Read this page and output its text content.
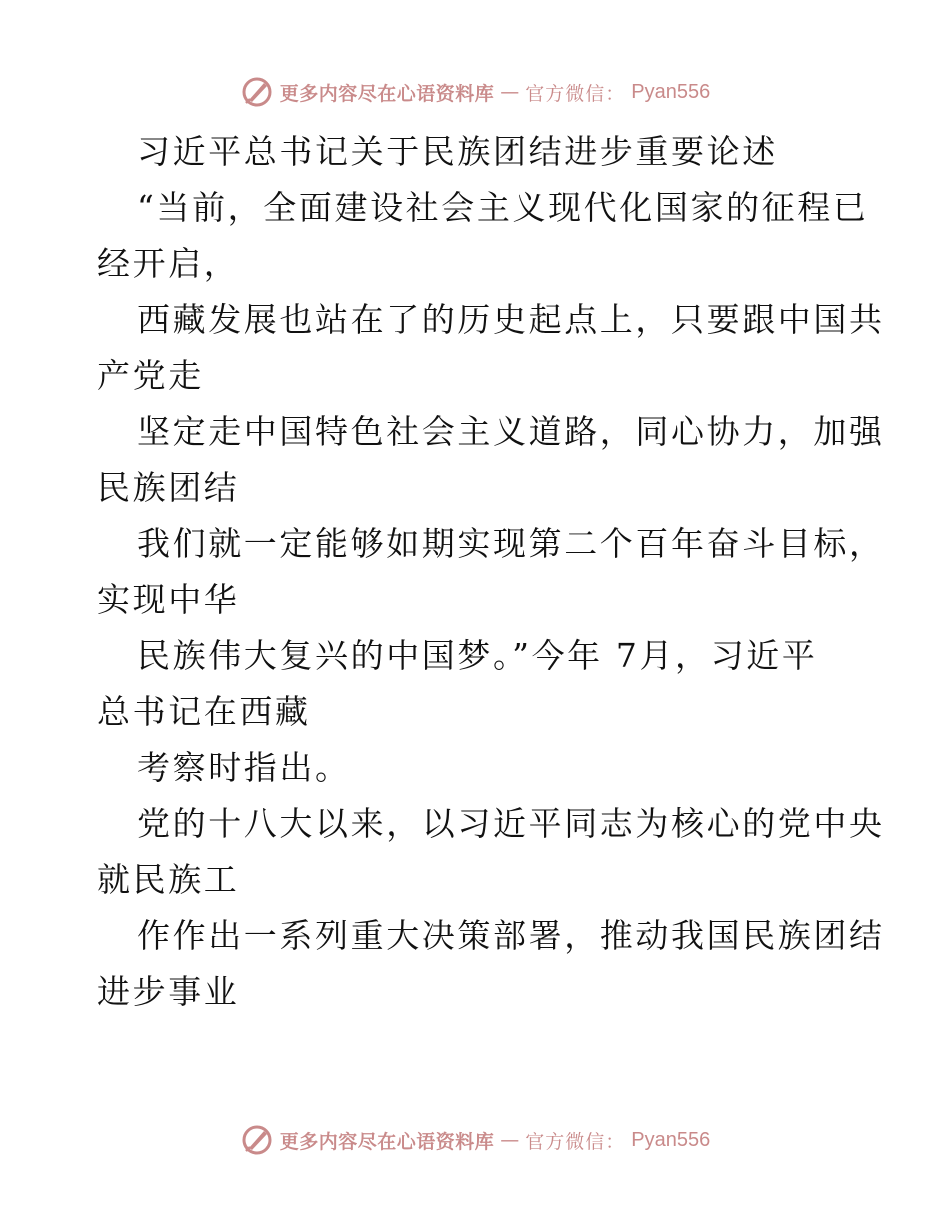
更多内容尽在心语资料库 — 官方微信： Pyan556
习近平总书记关于民族团结进步重要论述
“当前，全面建设社会主义现代化国家的征程已
经开启，
西藏发展也站在了的历史起点上，只要跟中国共
产党走
坚定走中国特色社会主义道路，同心协力，加强
民族团结
我们就一定能够如期实现第二个百年奋斗目标，
实现中华
民族伟大复兴的中国梦。”今年 7月，习近平
总书记在西藏
考察时指出。
党的十八大以来，以习近平同志为核心的党中央
就民族工
作作出一系列重大决策部署，推动我国民族团结
进步事业
更多内容尽在心语资料库 — 官方微信： Pyan556
